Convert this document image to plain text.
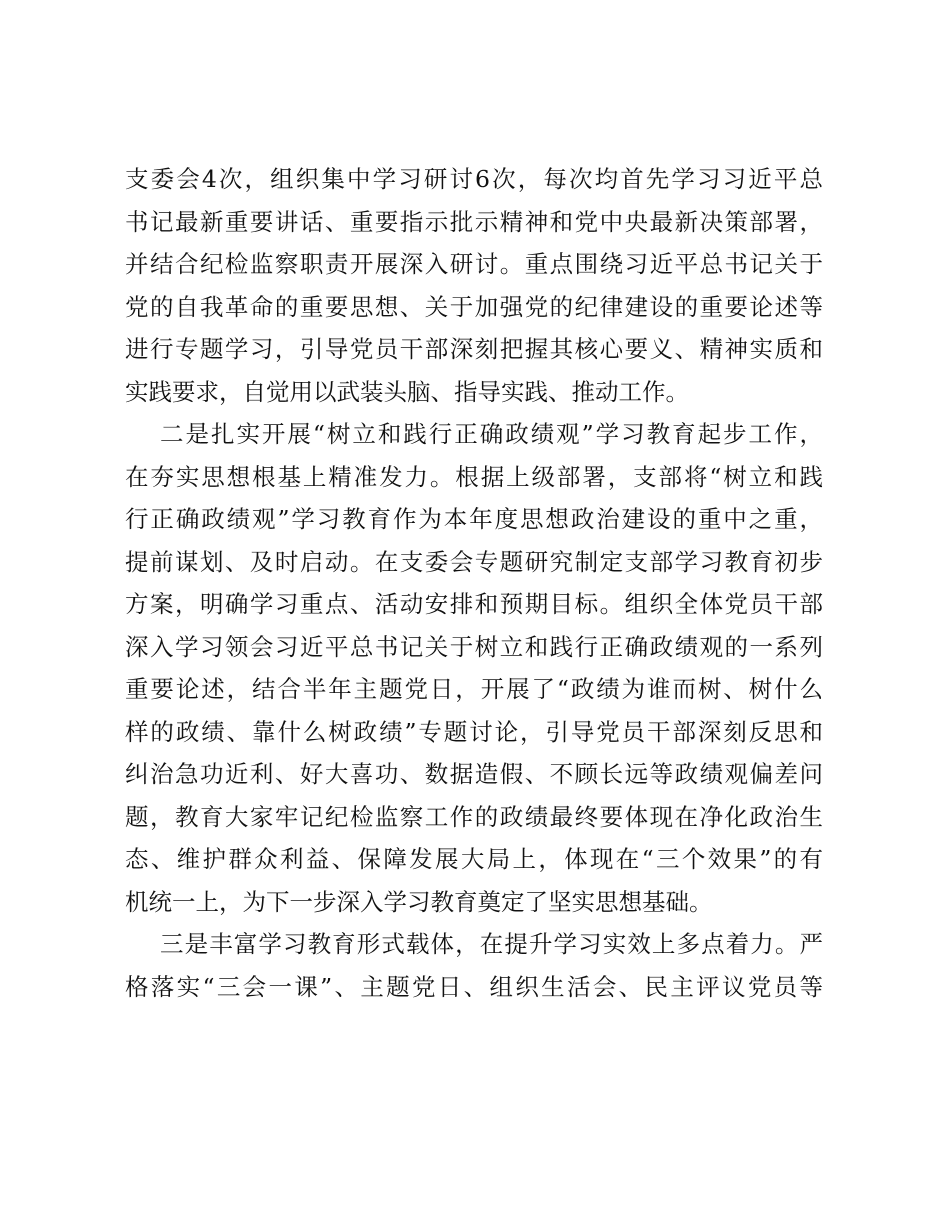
支委会4次，组织集中学习研讨6次，每次均首先学习习近平总
书记最新重要讲话、重要指示批示精神和党中央最新决策部署，
并结合纪检监察职责开展深入研讨。重点围绕习近平总书记关于
党的自我革命的重要思想、关于加强党的纪律建设的重要论述等
进行专题学习，引导党员干部深刻把握其核心要义、精神实质和
实践要求，自觉用以武装头脑、指导实践、推动工作。
二是扎实开展“树立和践行正确政绩观”学习教育起步工作，
在夯实思想根基上精准发力。根据上级部署，支部将“树立和践
行正确政绩观”学习教育作为本年度思想政治建设的重中之重，
提前谋划、及时启动。在支委会专题研究制定支部学习教育初步
方案，明确学习重点、活动安排和预期目标。组织全体党员干部
深入学习领会习近平总书记关于树立和践行正确政绩观的一系列
重要论述，结合半年主题党日，开展了“政绩为谁而树、树什么
样的政绩、靠什么树政绩”专题讨论，引导党员干部深刻反思和
纠治急功近利、好大喜功、数据造假、不顾长远等政绩观偏差问
题，教育大家牢记纪检监察工作的政绩最终要体现在净化政治生
态、维护群众利益、保障发展大局上，体现在“三个效果”的有
机统一上，为下一步深入学习教育奠定了坚实思想基础。
三是丰富学习教育形式载体，在提升学习实效上多点着力。严
格落实“三会一课”、主题党日、组织生活会、民主评议党员等
